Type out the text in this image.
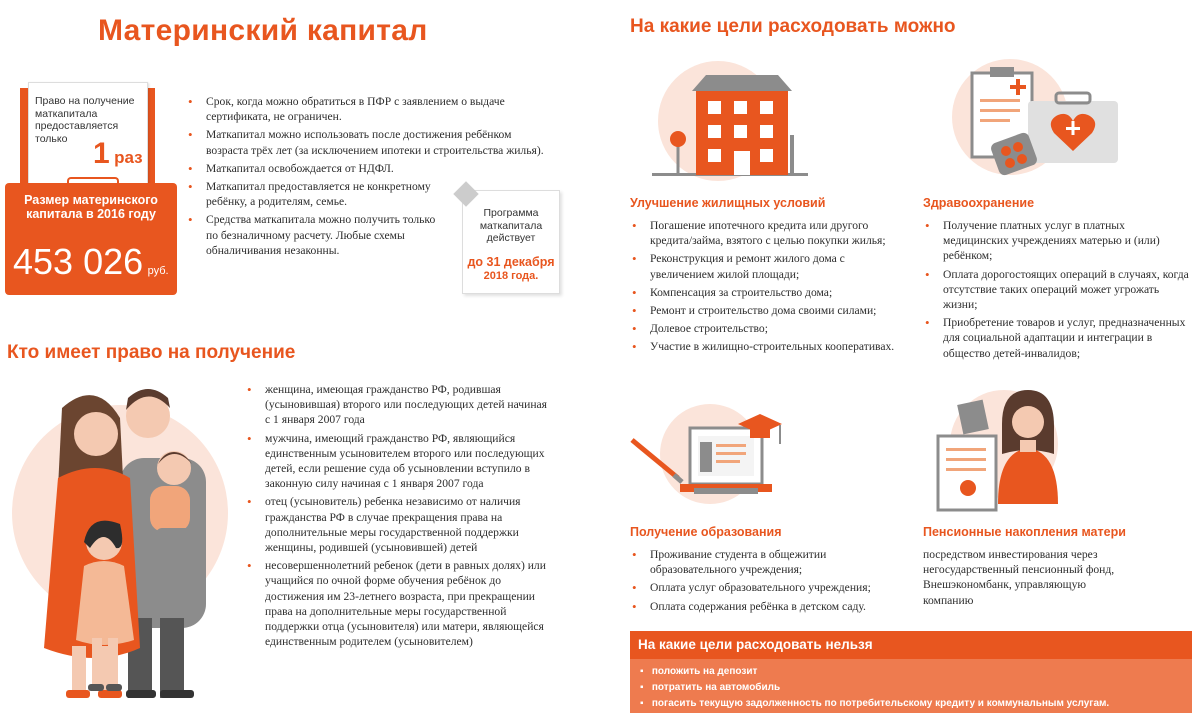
Материнский капитал
Право на получение маткапитала предоставляется только 1 раз
Размер материнского капитала в 2016 году
453 026 руб.
• Срок, когда можно обратиться в ПФР с заявлением о выдаче сертификата, не ограничен.
• Маткапитал можно использовать после достижения ребёнком возраста трёх лет (за исключением ипотеки и строительства жилья).
• Маткапитал освобождается от НДФЛ.
• Маткапитал предоставляется не конкретному ребёнку, а родителям, семье.
• Средства маткапитала можно получить только по безналичному расчету. Любые схемы обналичивания незаконны.
Программа маткапитала действует
до 31 декабря
2018 года.
Кто имеет право на получение
• женщина, имеющая гражданство РФ, родившая (усыновившая) второго или последующих детей начиная с 1 января 2007 года
• мужчина, имеющий гражданство РФ, являющийся единственным усыновителем второго или последующих детей, если решение суда об усыновлении вступило в законную силу начиная с 1 января 2007 года
• отец (усыновитель) ребенка независимо от наличия гражданства РФ в случае прекращения права на дополнительные меры государственной поддержки женщины, родившей (усыновившей) детей
• несовершеннолетний ребенок (дети в равных долях) или учащийся по очной форме обучения ребёнок до достижения им 23-летнего возраста, при прекращении права на дополнительные меры государственной поддержки отца (усыновителя) или матери, являющейся единственным родителем (усыновителем)
На какие цели расходовать можно
Улучшение жилищных условий
• Погашение ипотечного кредита или другого кредита/займа, взятого с целью покупки жилья;
• Реконструкция и ремонт жилого дома с увеличением жилой площади;
• Компенсация за строительство дома;
• Ремонт и строительство дома своими силами;
• Долевое строительство;
• Участие в жилищно-строительных кооперативах.
Здравоохранение
• Получение платных услуг в платных медицинских учреждениях матерью и (или) ребёнком;
• Оплата дорогостоящих операций в случаях, когда отсутствие таких операций может угрожать жизни;
• Приобретение товаров и услуг, предназначенных для социальной адаптации и интеграции в общество детей-инвалидов;
Получение образования
• Проживание студента в общежитии образовательного учреждения;
• Оплата услуг образовательного учреждения;
• Оплата содержания ребёнка в детском саду.
Пенсионные накопления матери
посредством инвестирования через негосударственный пенсионный фонд, Внешэкономбанк, управляющую компанию
На какие цели расходовать нельзя
▪   положить на депозит
▪   потратить на автомобиль
▪   погасить текущую задолженность по потребительскому кредиту и коммунальным услугам.
